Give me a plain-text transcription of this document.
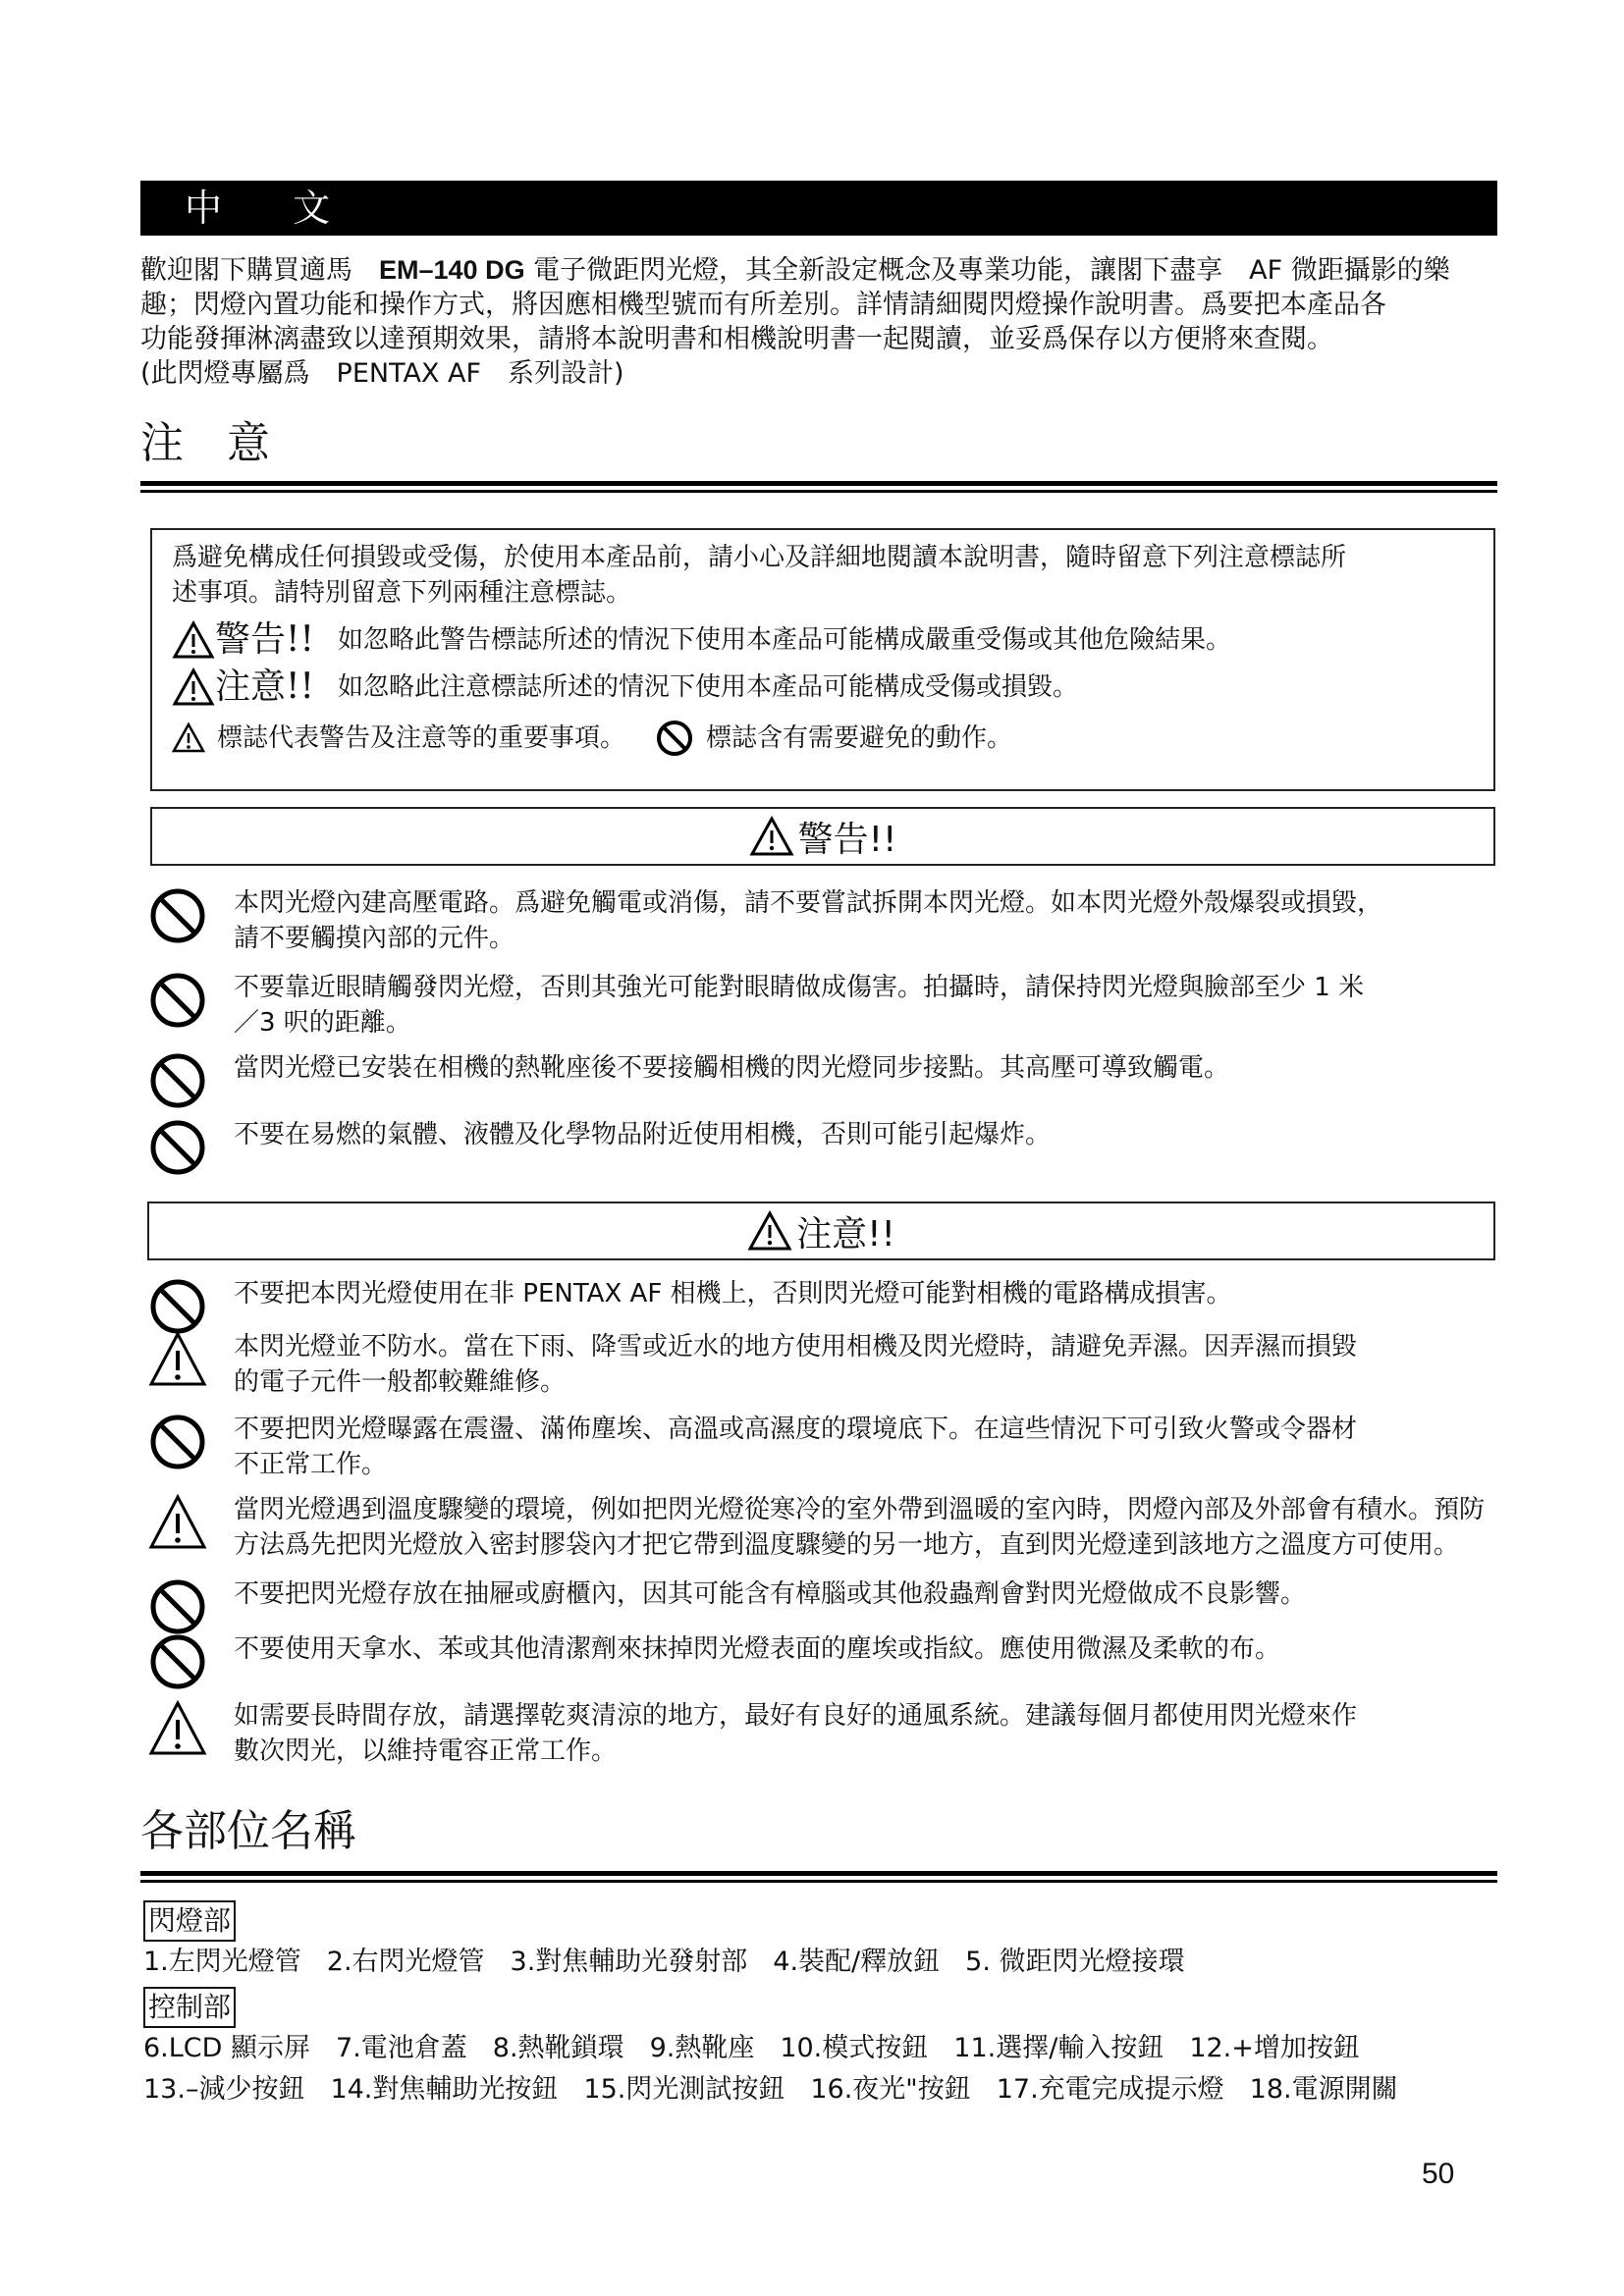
中 文
歡迎閣下購買適馬　 EM–140 DG 電子微距閃光燈，其全新設定概念及專業功能，讓閣下盡享　AF 微距攝影的樂
趣；閃燈內置功能和操作方式，將因應相機型號而有所差別。詳情請細閱閃燈操作說明書。爲要把本產品各
功能發揮淋漓盡致以達預期效果，請將本說明書和相機說明書一起閱讀，並妥爲保存以方便將來查閱。
(此閃燈專屬爲　PENTAX AF　系列設計)
注　意
爲避免構成任何損毀或受傷，於使用本產品前，請小心及詳細地閱讀本說明書，隨時留意下列注意標誌所
述事項。請特別留意下列兩種注意標誌。
警告!! 如忽略此警告標誌所述的情況下使用本產品可能構成嚴重受傷或其他危險結果。
注意!! 如忽略此注意標誌所述的情況下使用本產品可能構成受傷或損毀。
標誌代表警告及注意等的重要事項。	標誌含有需要避免的動作。
警告!!
本閃光燈內建高壓電路。爲避免觸電或消傷，請不要嘗試拆開本閃光燈。如本閃光燈外殼爆裂或損毀，
請不要觸摸內部的元件。
不要靠近眼睛觸發閃光燈，否則其強光可能對眼睛做成傷害。拍攝時，請保持閃光燈與臉部至少 1 米
／3 呎的距離。
當閃光燈已安裝在相機的熱靴座後不要接觸相機的閃光燈同步接點。其高壓可導致觸電。
不要在易燃的氣體、液體及化學物品附近使用相機，否則可能引起爆炸。
注意!!
不要把本閃光燈使用在非 PENTAX AF 相機上，否則閃光燈可能對相機的電路構成損害。
本閃光燈並不防水。當在下雨、降雪或近水的地方使用相機及閃光燈時，請避免弄濕。因弄濕而損毀
的電子元件一般都較難維修。
不要把閃光燈曝露在震盪、滿佈塵埃、高溫或高濕度的環境底下。在這些情況下可引致火警或令器材
不正常工作。
當閃光燈遇到溫度驟變的環境，例如把閃光燈從寒冷的室外帶到溫暖的室內時，閃燈內部及外部會有積水。預防
方法爲先把閃光燈放入密封膠袋內才把它帶到溫度驟變的另一地方，直到閃光燈達到該地方之溫度方可使用。
不要把閃光燈存放在抽屜或廚櫃內，因其可能含有樟腦或其他殺蟲劑會對閃光燈做成不良影響。
不要使用天拿水、苯或其他清潔劑來抹掉閃光燈表面的塵埃或指紋。應使用微濕及柔軟的布。
如需要長時間存放，請選擇乾爽清涼的地方，最好有良好的通風系統。建議每個月都使用閃光燈來作
數次閃光，以維持電容正常工作。
各部位名稱
閃燈部
1.左閃光燈管 2.右閃光燈管 3.對焦輔助光發射部 4.裝配/釋放鈕 5. 微距閃光燈接環
控制部
6.LCD 顯示屏 7.電池倉蓋 8.熱靴鎖環 9.熱靴座 10.模式按鈕 11.選擇/輸入按鈕 12.+增加按鈕
13.–減少按鈕 14.對焦輔助光按鈕 15.閃光測試按鈕 16.夜光"按鈕 17.充電完成提示燈 18.電源開關
50
